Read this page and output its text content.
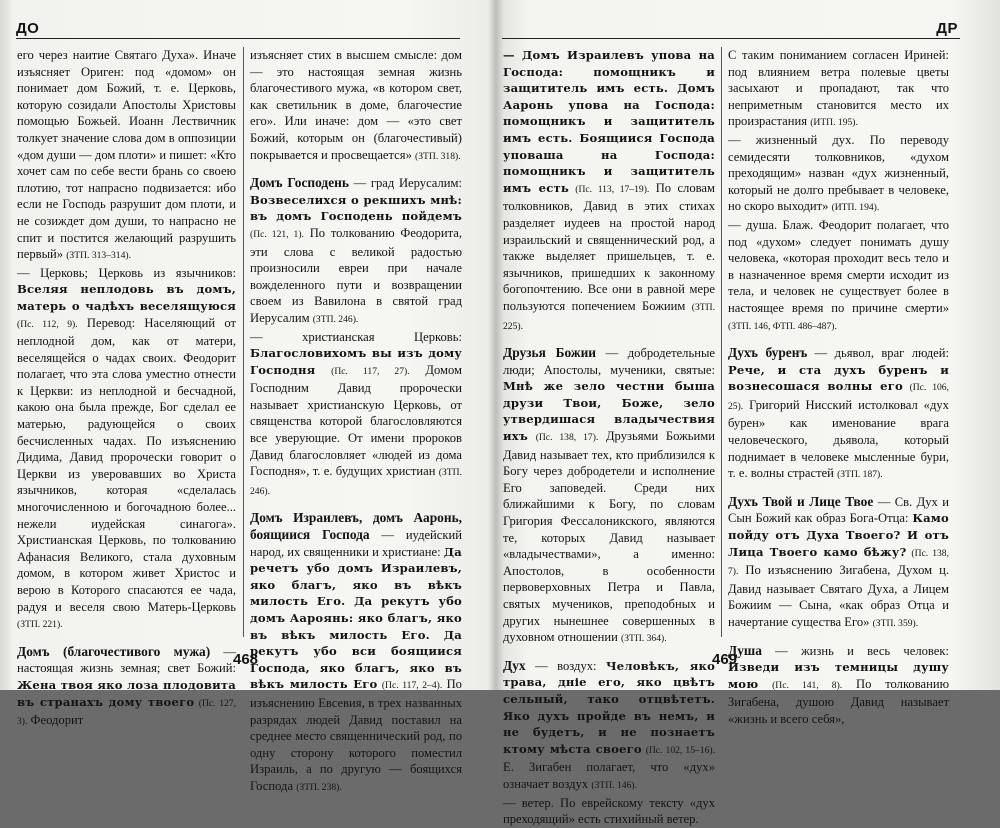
ДО

его через наитие Святаго Духа». Иначе изъясняет Ориген: под «домом» он понимает дом Божий, т. е. Церковь, которую созидали Апостолы Христовы помощью Божьей. Иоанн Лествичник толкует значение слова дом в оппозиции «дом души — дом плоти» и пишет: «Кто хочет сам по себе вести брань со своею плотию, тот напрасно подвизается: ибо если не Господь разрушит дом плоти, и не созиждет дом души, то напрасно не спит и постится желающий разрушить первый» (ЗТП. 313–314).

— Церковь; Церковь из язычников: Вселяя неплодовь въ домъ, матерь о чадѣхъ веселящуюся (Пс. 112, 9). Перевод: Населяющий от неплодной дом, как от матери, веселящейся о чадах своих. Феодорит полагает, что эта слова уместно отнести к Церкви: из неплодной и бесчадной, какою она была прежде, Бог сделал ее матерью, радующейся о своих бесчисленных чадах. По изъяснению Дидима, Давид пророчески говорит о Церкви из уверовавших во Христа язычников, которая «сделалась многочисленною и богочадною более... нежели иудейская синагога». Христианская Церковь, по толкованию Афанасия Великого, стала духовным домом, в котором живет Христос и верою в Которого спасаются ее чада, радуя и веселя свою Матерь-Церковь (ЗТП. 221).

Домъ (благочестивого мужа) — настоящая жизнь земная; свет Божий: Жена твоя яко лоза плодовита въ странахъ дому твоего (Пс. 127, 3). Феодорит

изъясняет стих в высшем смысле: дом — это настоящая земная жизнь благочестивого мужа, «в котором свет, как светильник в доме, благочестие его». Или иначе: дом — «это свет Божий, которым он (благочестивый) покрывается и просвещается» (ЗТП. 318).

Домъ Господень — град Иерусалим: Возвеселихся о рекшихъ мнѣ: въ домъ Господень пойдемъ (Пс. 121, 1). По толкованию Феодорита, эти слова с великой радостью произносили евреи при начале вожделенного пути и возвращении своем из Вавилона в святой град Иерусалим (ЗТП. 246).

— христианская Церковь: Благословихомъ вы изъ дому Господня (Пс. 117, 27). Домом Господним Давид пророчески называет христианскую Церковь, от священства которой благословляются все уверующие. От имени пророков Давид благословляет «людей из дома Господня», т. е. будущих христиан (ЗТП. 246).

Домъ Израилевъ, домъ Ааронь, боящиися Господа — иудейский народ, их священники и христиане: Да речетъ убо домъ Израилевъ, яко благъ, яко въ вѣкъ милость Его. Да рекутъ убо домъ Аароянь: яко благъ, яко въ вѣкъ милость Его. Да рекутъ убо вси боящиися Господа, яко благъ, яко въ вѣкъ милость Его (Пс. 117, 2–4). По изъяснению Евсевия, в трех названных разрядах людей Давид поставил на среднее место священнический род, по одну сторону которого поместил Израиль, а по другую — боящихся Господа (ЗТП. 238).

468
ДР

— Домъ Израилевъ упова на Господа: помощникъ и защититель имъ есть. Домъ Ааронь упова на Господа: помощникъ и защититель имъ есть. Боящиися Господа уповаша на Господа: помощникъ и защититель имъ есть (Пс. 113, 17–19). По словам толковников, Давид в этих стихах разделяет иудеев на простой народ израильский и священнический род, а также выделяет пришельцев, т. е. язычников, пришедших к законному богопочтению. Все они в равной мере пользуются попечением Божиим (ЗТП. 225).

Друзья Божии — добродетельные люди; Апостолы, мученики, святые: Мнѣ же зело честни быша друзи Твои, Боже, зело утвердишася владычествия ихъ (Пс. 138, 17). Друзьями Божьими Давид называет тех, кто приблизился к Богу через добродетели и исполнение Его заповедей. Среди них ближайшими к Богу, по словам Григория Фессалоникского, являются те, которых Давид называет «владычествами», а именно: Апостолов, в особенности первоверховных Петра и Павла, святых мучеников, преподобных и других нынешнее совершенных в духовном отношении (ЗТП. 364).

Дух — воздух: Человѣкъ, яко трава, дніе его, яко цвѣтъ сельный, тако отцвѣтетъ. Яко духъ пройде въ немъ, и не будетъ, и не познаетъ ктому мѣста своего (Пс. 102, 15–16). Е. Зигабен полагает, что «дух» означает воздух (ЗТП. 146).

— ветер. По еврейскому тексту «дух преходящий» есть стихийный ветер.

С таким пониманием согласен Ириней: под влиянием ветра полевые цветы засыхают и пропадают, так что неприметным становится место их произрастания (ИТП. 195).

— жизненный дух. По переводу семидесяти толковников, «духом преходящим» назван «дух жизненный, который не долго пребывает в человеке, но скоро выходит» (ИТП. 194).

— душа. Блаж. Феодорит полагает, что под «духом» следует понимать душу человека, «которая проходит весь тело и в назначенное время смерти исходит из тела, и человек не существует более в настоящее время по причине смерти» (ЗТП. 146, ФТП. 486–487).

Духъ буренъ — дьявол, враг людей: Рече, и ста духъ буренъ и вознесошася волны его (Пс. 106, 25). Григорий Нисский истолковал «дух бурен» как именование врага человеческого, дьявола, который поднимает в человеке мысленные бури, т. е. волны страстей (ЗТП. 187).

Духъ Твой и Лице Твое — Св. Дух и Сын Божий как образ Бога-Отца: Камо пойду отъ Духа Твоего? И отъ Лица Твоего камо бѣжу? (Пс. 138, 7). По изъяснению Зигабена, Духом ц. Давид называет Святаго Духа, а Лицем Божиим — Сына, «как образ Отца и начертание существа Его» (ЗТП. 359).

Душа — жизнь и весь человек: Изведи изъ темницы душу мою (Пс. 141, 8). По толкованию Зигабена, душою Давид называет «жизнь и всего себя»,

469
